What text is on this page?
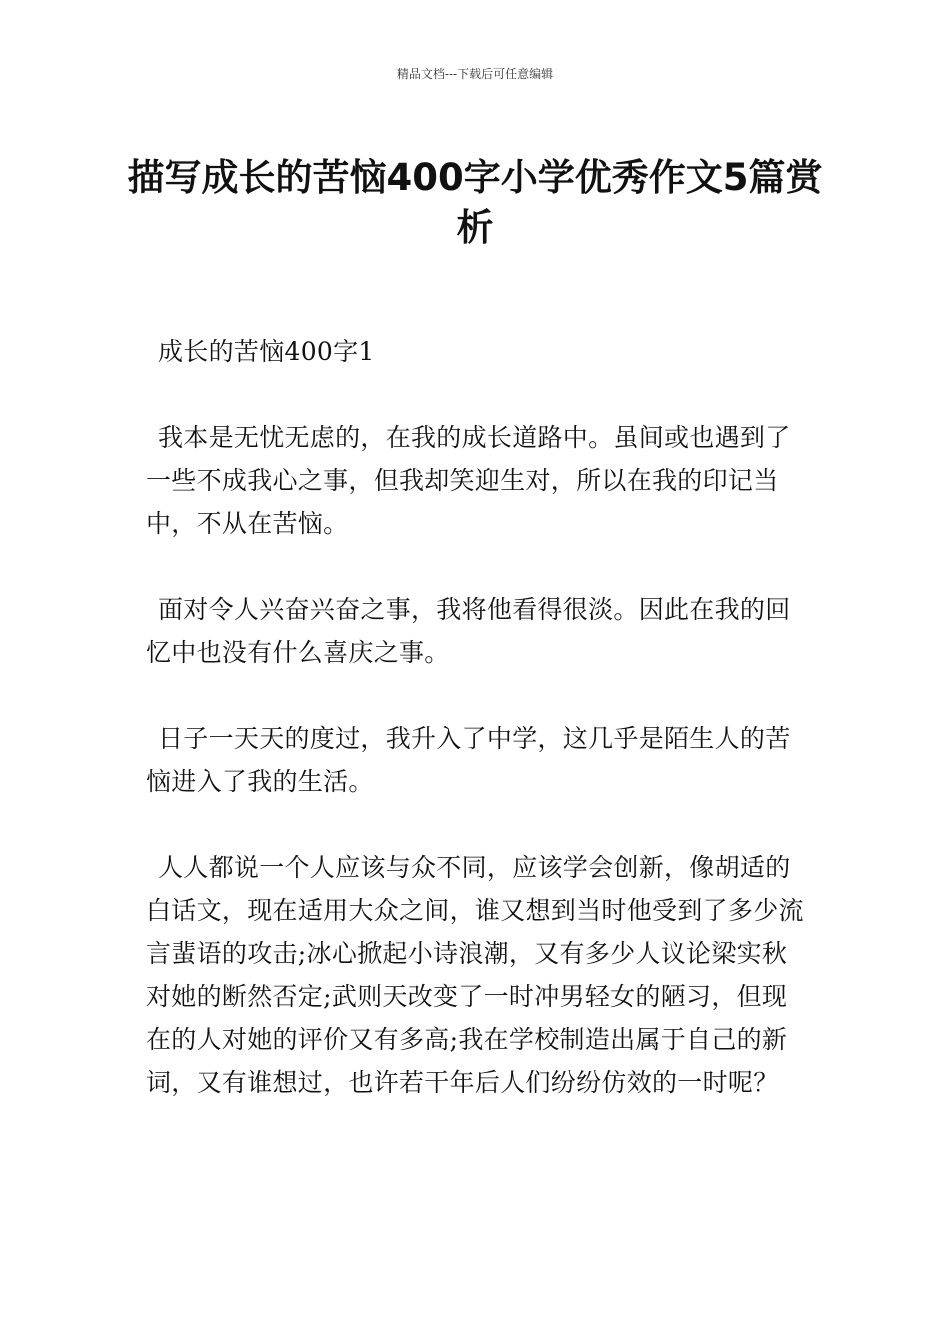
精品文档---下载后可任意编辑
描写成长的苦恼400字小学优秀作文5篇赏析

成长的苦恼400字1

我本是无忧无虑的，在我的成长道路中。虽间或也遇到了一些不成我心之事，但我却笑迎生对，所以在我的印记当中，不从在苦恼。

面对令人兴奋兴奋之事，我将他看得很淡。因此在我的回忆中也没有什么喜庆之事。

日子一天天的度过，我升入了中学，这几乎是陌生人的苦恼进入了我的生活。

人人都说一个人应该与众不同，应该学会创新，像胡适的白话文，现在适用大众之间，谁又想到当时他受到了多少流言蜚语的攻击;冰心掀起小诗浪潮，又有多少人议论梁实秋对她的断然否定;武则天改变了一时冲男轻女的陋习，但现在的人对她的评价又有多高;我在学校制造出属于自己的新词，又有谁想过，也许若干年后人们纷纷仿效的一时呢？
